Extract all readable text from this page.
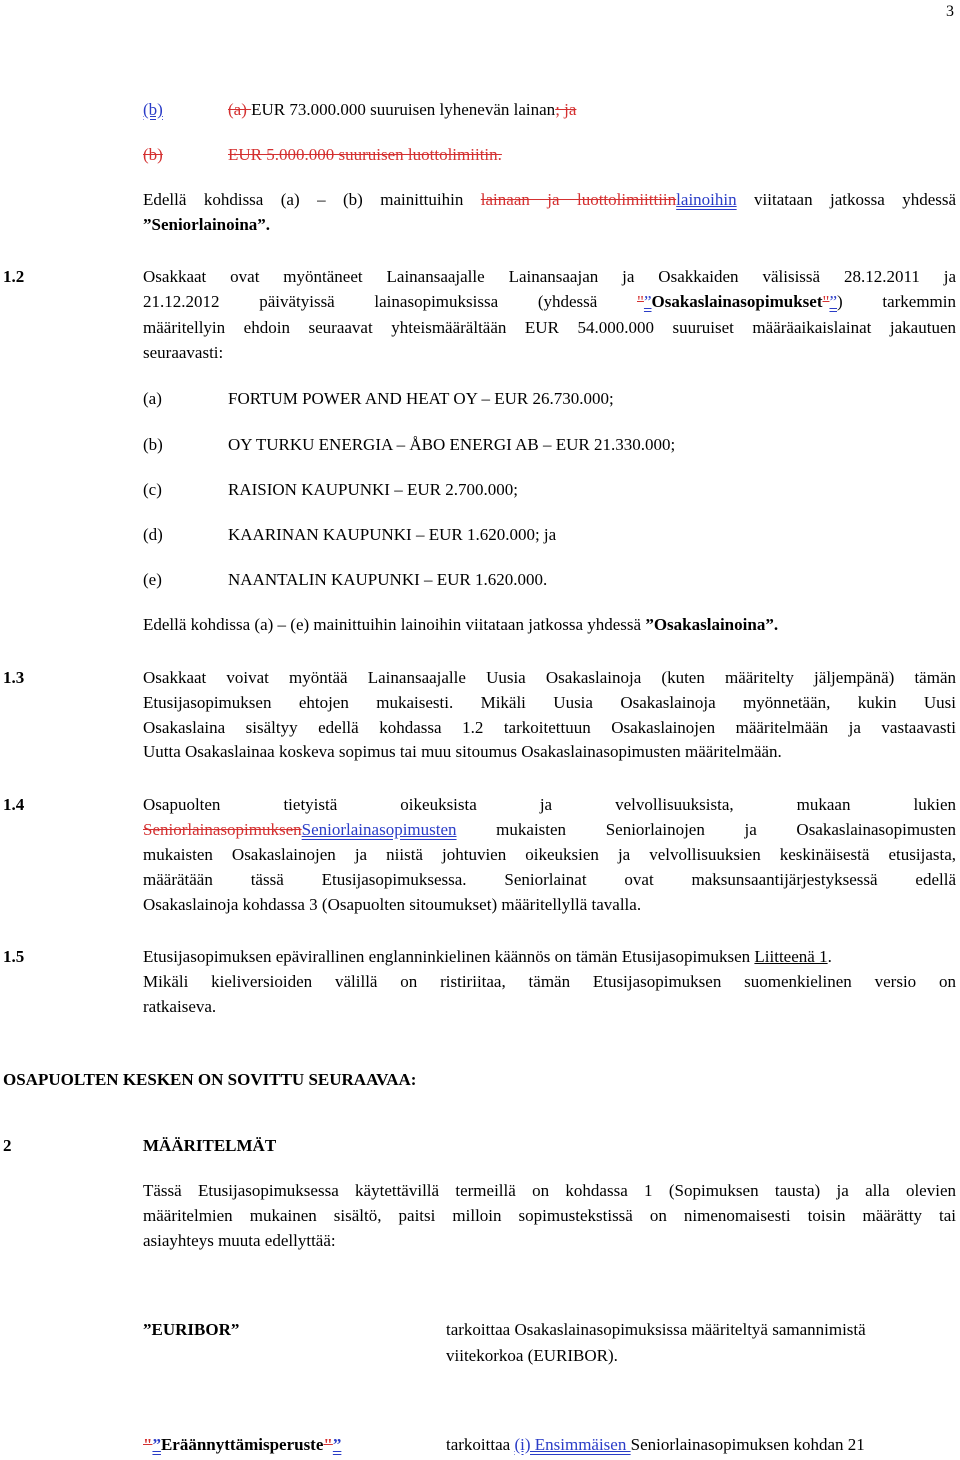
3
(b)	(a) EUR 73.000.000 suuruisen lyhenevän lainan; ja
(b)	EUR 5.000.000 suuruisen luottolimiitin.
Edellä kohdissa (a) – (b) mainittuihin lainaan ja luottolimiittiinlainoihin viitataan jatkossa yhdessä
”Seniorlainoina”.
1.2	Osakkaat ovat myöntäneet Lainansaajalle Lainansaajan ja Osakkaiden välisissä 28.12.2011 ja
21.12.2012 päivätyissä lainasopimuksissa (yhdessä "”Osakaslainasopimukset"”) tarkemmin
määritellyin ehdoin seuraavat yhteismäärältään EUR 54.000.000 suuruiset määräaikaislainat jakautuen
seuraavasti:
(a)	FORTUM POWER AND HEAT OY – EUR 26.730.000;
(b)	OY TURKU ENERGIA – ÅBO ENERGI AB – EUR 21.330.000;
(c)	RAISION KAUPUNKI – EUR 2.700.000;
(d)	KAARINAN KAUPUNKI – EUR 1.620.000; ja
(e)	NAANTALIN KAUPUNKI – EUR 1.620.000.
Edellä kohdissa (a) – (e) mainittuihin lainoihin viitataan jatkossa yhdessä ”Osakaslainoina”.
1.3	Osakkaat voivat myöntää Lainansaajalle Uusia Osakaslainoja (kuten määritelty jäljempänä) tämän
Etusijasopimuksen ehtojen mukaisesti. Mikäli Uusia Osakaslainoja myönnetään, kukin Uusi
Osakaslaina sisältyy edellä kohdassa 1.2 tarkoitettuun Osakaslainojen määritelmään ja vastaavasti
Uutta Osakaslainaa koskeva sopimus tai muu sitoumus Osakaslainasopimusten määritelmään.
1.4	Osapuolten tietyistä oikeuksista ja velvollisuuksista, mukaan lukien
SeniorlainasopimuksenSeniorlainasopimusten mukaisten Seniorlainojen ja Osakaslainasopimusten
mukaisten Osakaslainojen ja niistä johtuvien oikeuksien ja velvollisuuksien keskinäisestä etusijasta,
määrätään tässä Etusijasopimuksessa. Seniorlainat ovat maksunsaantijärjestyksessä edellä
Osakaslainoja kohdassa 3 (Osapuolten sitoumukset) määritellyllä tavalla.
1.5	Etusijasopimuksen epävirallinen englanninkielinen käännös on tämän Etusijasopimuksen Liitteenä 1.
Mikäli kieliversioiden välillä on ristiriitaa, tämän Etusijasopimuksen suomenkielinen versio on
ratkaiseva.
OSAPUOLTEN KESKEN ON SOVITTU SEURAAVAA:
2	MÄÄRITELMÄT
Tässä Etusijasopimuksessa käytettävillä termeillä on kohdassa 1 (Sopimuksen tausta) ja alla olevien
määritelmien mukainen sisältö, paitsi milloin sopimustekstissä on nimenomaisesti toisin määrätty tai
asiayhteys muuta edellyttää:
”EURIBOR”	tarkoittaa Osakaslainasopimuksissa määriteltyä samannimistä
viitekorkoa (EURIBOR).
"”Eräännyttämisperuste"”	tarkoittaa (i) Ensimmäisen Seniorlainasopimuksen kohdan 21
